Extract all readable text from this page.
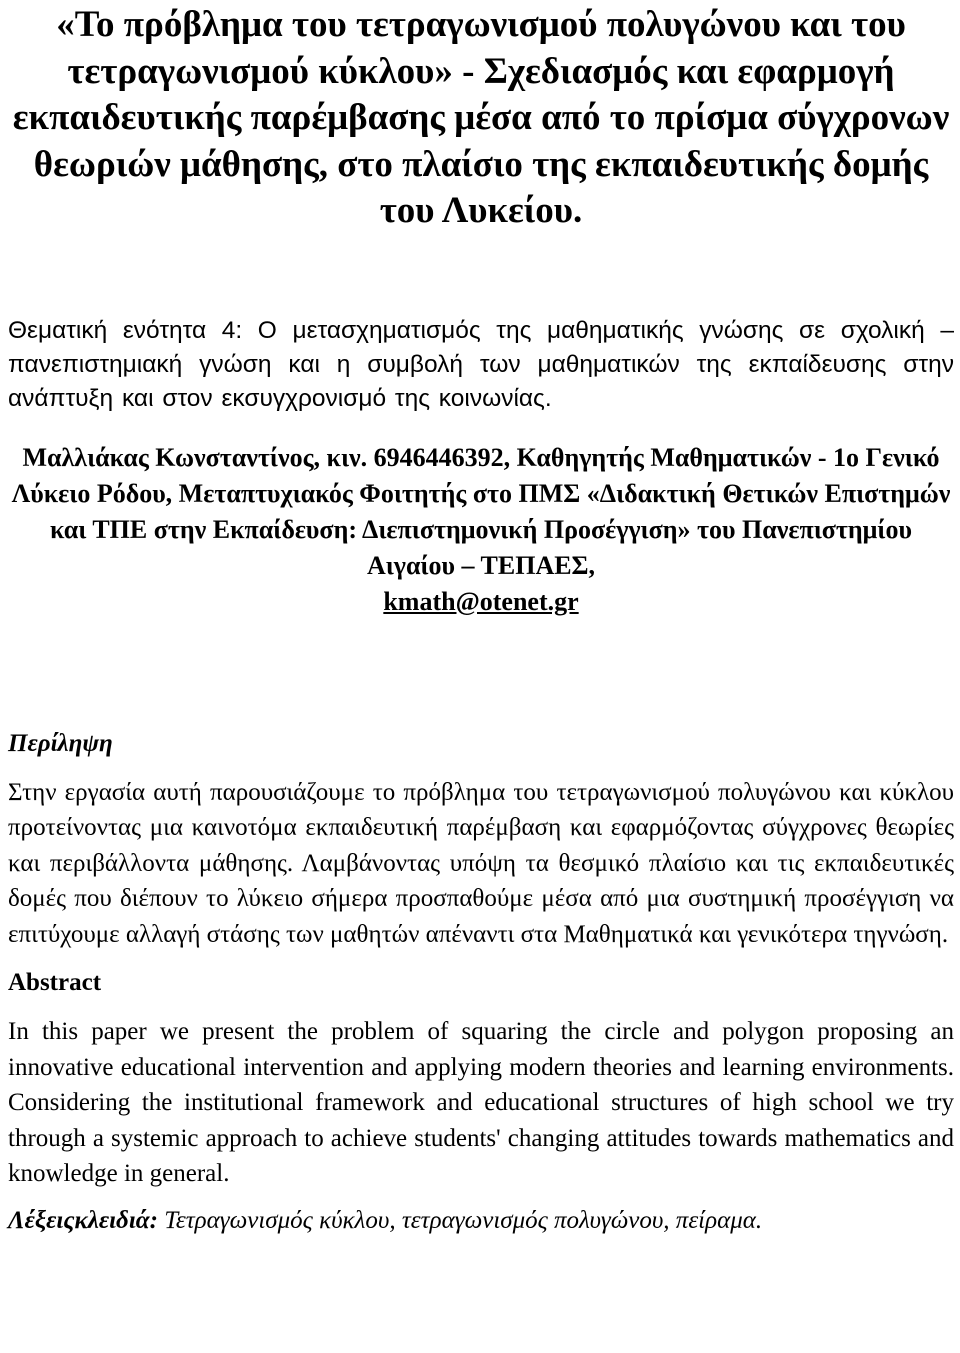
«Το πρόβλημα του τετραγωνισμού πολυγώνου και του τετραγωνισμού κύκλου» - Σχεδιασμός και εφαρμογή εκπαιδευτικής παρέμβασης μέσα από το πρίσμα σύγχρονων θεωριών μάθησης, στο πλαίσιο της εκπαιδευτικής δομής του Λυκείου.

Θεματική ενότητα 4: Ο μετασχηματισμός της μαθηματικής γνώσης σε σχολική – πανεπιστημιακή γνώση και η συμβολή των μαθηματικών της εκπαίδευσης στην ανάπτυξη και στον εκσυγχρονισμό της κοινωνίας.

Μαλλιάκας Κωνσταντίνος, κιν. 6946446392, Καθηγητής Μαθηματικών - 1ο Γενικό Λύκειο Ρόδου, Μεταπτυχιακός Φοιτητής στο ΠΜΣ «Διδακτική Θετικών Επιστημών και ΤΠΕ στην Εκπαίδευση: Διεπιστημονική Προσέγγιση» του Πανεπιστημίου Αιγαίου – ΤΕΠΑΕΣ,
kmath@otenet.gr

Περίληψη

Στην εργασία αυτή παρουσιάζουμε το πρόβλημα του τετραγωνισμού πολυγώνου και κύκλου προτείνοντας μια καινοτόμα εκπαιδευτική παρέμβαση και εφαρμόζοντας σύγχρονες θεωρίες και περιβάλλοντα μάθησης. Λαμβάνοντας υπόψη τα θεσμικό πλαίσιο και τις εκπαιδευτικές δομές που διέπουν το λύκειο σήμερα προσπαθούμε μέσα από μια συστημική προσέγγιση να επιτύχουμε αλλαγή στάσης των μαθητών απέναντι στα Μαθηματικά και γενικότερα τηγνώση.

Abstract

In this paper we present the problem of squaring the circle and polygon proposing an innovative educational intervention and applying modern theories and learning environments. Considering the institutional framework and educational structures of high school we try through a systemic approach to achieve students' changing attitudes towards mathematics and knowledge in general.

Λέξειςκλειδιά: Τετραγωνισμός κύκλου, τετραγωνισμός πολυγώνου, πείραμα.
